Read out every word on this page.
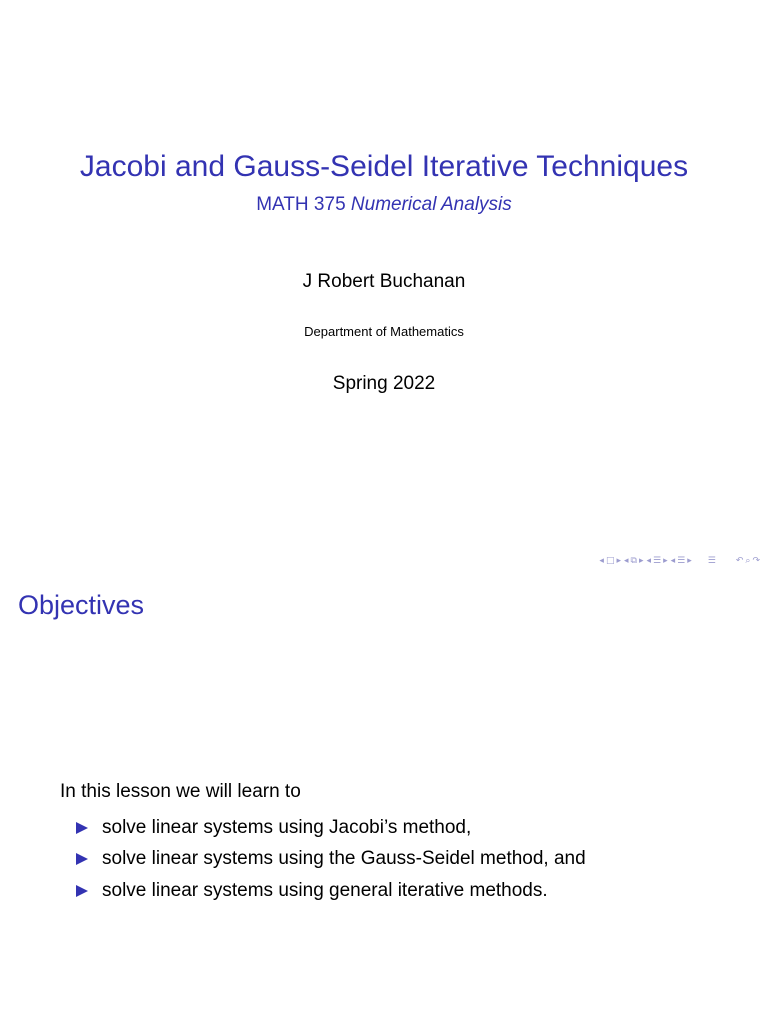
Jacobi and Gauss-Seidel Iterative Techniques
MATH 375 Numerical Analysis
J Robert Buchanan
Department of Mathematics
Spring 2022
◂ □ ▸ ◂ ⧉ ▸ ◂ ☰ ▸ ◂ ☰ ▸ ☰ ↶ ⌕ ↷
Objectives
In this lesson we will learn to
solve linear systems using Jacobi’s method,
solve linear systems using the Gauss-Seidel method, and
solve linear systems using general iterative methods.
